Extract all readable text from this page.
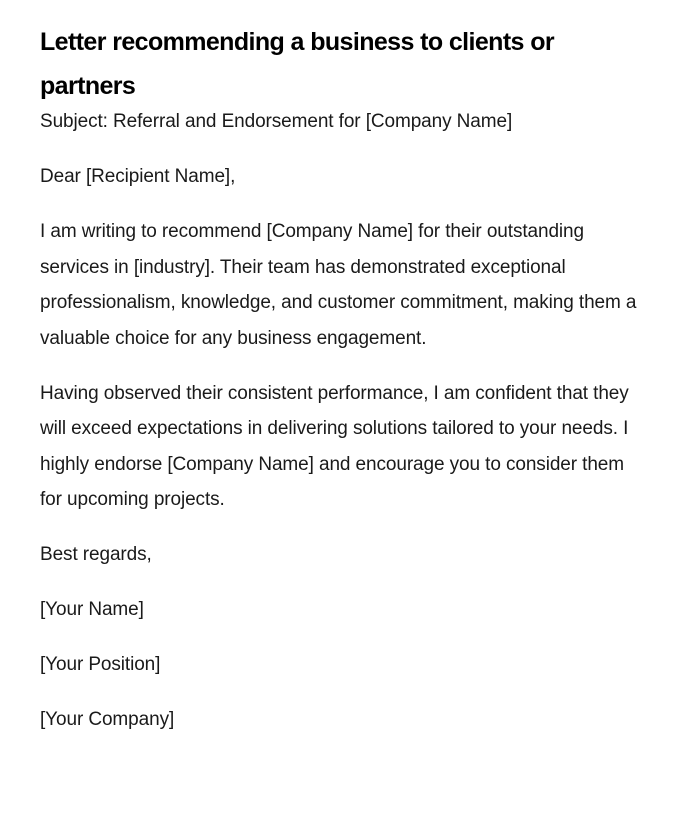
Letter recommending a business to clients or partners

Subject: Referral and Endorsement for [Company Name]

Dear [Recipient Name],

I am writing to recommend [Company Name] for their outstanding services in [industry]. Their team has demonstrated exceptional professionalism, knowledge, and customer commitment, making them a valuable choice for any business engagement.

Having observed their consistent performance, I am confident that they will exceed expectations in delivering solutions tailored to your needs. I highly endorse [Company Name] and encourage you to consider them for upcoming projects.

Best regards,

[Your Name]

[Your Position]

[Your Company]
